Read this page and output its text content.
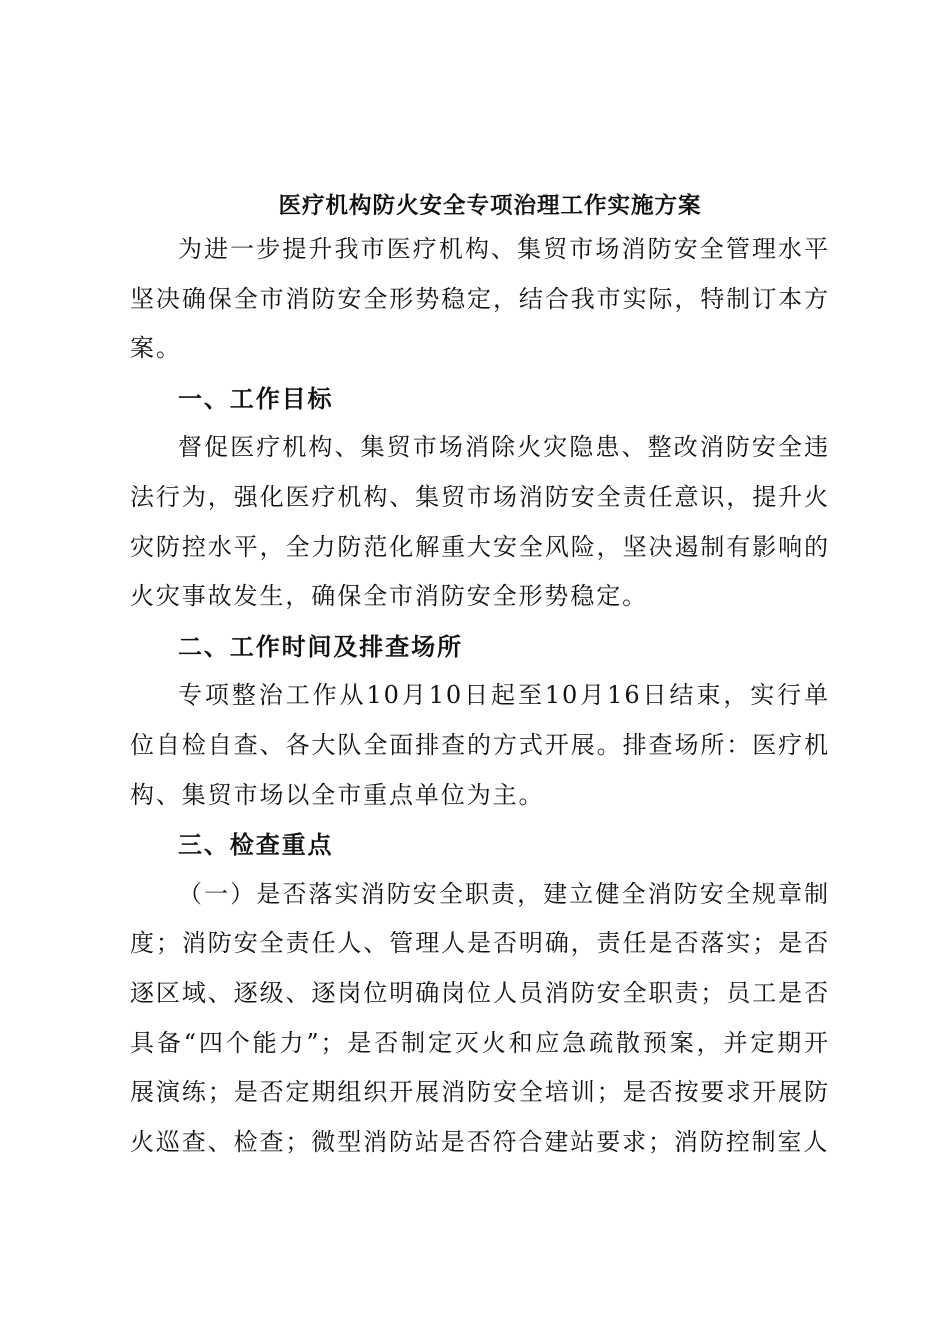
医疗机构防火安全专项治理工作实施方案

为进一步提升我市医疗机构、集贸市场消防安全管理水平坚决确保全市消防安全形势稳定，结合我市实际，特制订本方案。

一、工作目标

督促医疗机构、集贸市场消除火灾隐患、整改消防安全违法行为，强化医疗机构、集贸市场消防安全责任意识，提升火灾防控水平，全力防范化解重大安全风险，坚决遏制有影响的火灾事故发生，确保全市消防安全形势稳定。

二、工作时间及排查场所

专项整治工作从10月10日起至10月16日结束，实行单位自检自查、各大队全面排查的方式开展。排查场所：医疗机构、集贸市场以全市重点单位为主。

三、检查重点

（一）是否落实消防安全职责，建立健全消防安全规章制度；消防安全责任人、管理人是否明确，责任是否落实；是否逐区域、逐级、逐岗位明确岗位人员消防安全职责；员工是否具备“四个能力”；是否制定灭火和应急疏散预案，并定期开展演练；是否定期组织开展消防安全培训；是否按要求开展防火巡查、检查；微型消防站是否符合建站要求；消防控制室人
